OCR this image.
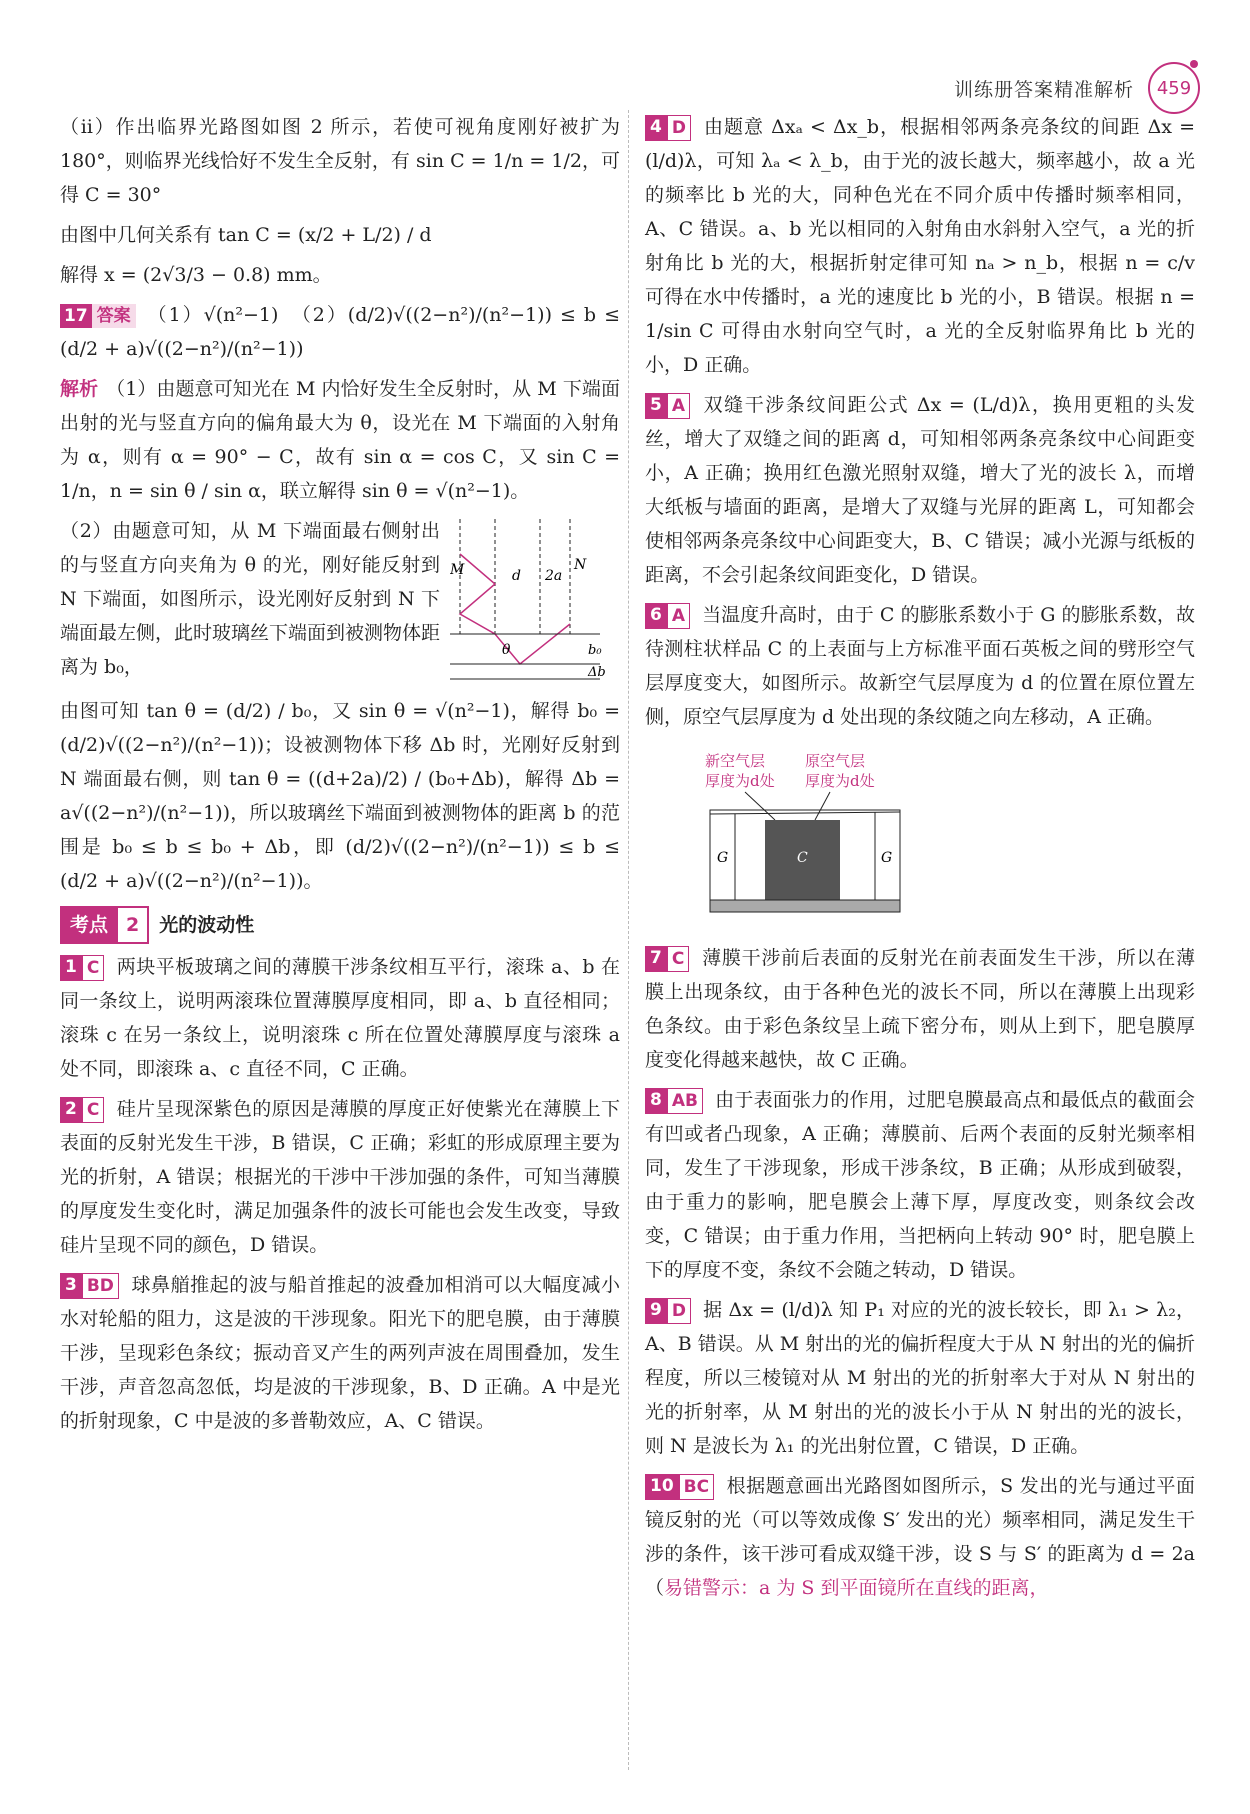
训练册答案精准解析	459

（ⅱ）作出临界光路图如图 2 所示，若使可视角度刚好被扩为 180°，则临界光线恰好不发生全反射，有 sin C = 1/n = 1/2，可得 C = 30°

由图中几何关系有 tan C = (x/2 + L/2) / d

解得 x = (2√3/3 − 0.8) mm。

17 答案 （1）√(n²−1)　（2）(d/2)√((2−n²)/(n²−1)) ≤ b ≤ (d/2 + a)√((2−n²)/(n²−1))

解析 （1）由题意可知光在 M 内恰好发生全反射时，从 M 下端面出射的光与竖直方向的偏角最大为 θ，设光在 M 下端面的入射角为 α，则有 α = 90° − C，故有 sin α = cos C，又 sin C = 1/n，n = sin θ / sin α，联立解得 sin θ = √(n²−1)。

M	N
d 2a
θ	b₀
Δb

（2）由题意可知，从 M 下端面最右侧射出的与竖直方向夹角为 θ 的光，刚好能反射到 N 下端面，如图所示，设光刚好反射到 N 下端面最左侧，此时玻璃丝下端面到被测物体距离为 b₀，

由图可知 tan θ = (d/2) / b₀，又 sin θ = √(n²−1)，解得 b₀ = (d/2)√((2−n²)/(n²−1))；设被测物体下移 Δb 时，光刚好反射到 N 端面最右侧，则 tan θ = ((d+2a)/2) / (b₀+Δb)，解得 Δb = a√((2−n²)/(n²−1))，所以玻璃丝下端面到被测物体的距离 b 的范围是 b₀ ≤ b ≤ b₀ + Δb，即 (d/2)√((2−n²)/(n²−1)) ≤ b ≤ (d/2 + a)√((2−n²)/(n²−1))。

考点 2	光的波动性

1 C 两块平板玻璃之间的薄膜干涉条纹相互平行，滚珠 a、b 在同一条纹上，说明两滚珠位置薄膜厚度相同，即 a、b 直径相同；滚珠 c 在另一条纹上，说明滚珠 c 所在位置处薄膜厚度与滚珠 a 处不同，即滚珠 a、c 直径不同，C 正确。

2 C 硅片呈现深紫色的原因是薄膜的厚度正好使紫光在薄膜上下表面的反射光发生干涉，B 错误，C 正确；彩虹的形成原理主要为光的折射，A 错误；根据光的干涉中干涉加强的条件，可知当薄膜的厚度发生变化时，满足加强条件的波长可能也会发生改变，导致硅片呈现不同的颜色，D 错误。

3 BD 球鼻艏推起的波与船首推起的波叠加相消可以大幅度减小水对轮船的阻力，这是波的干涉现象。阳光下的肥皂膜，由于薄膜干涉，呈现彩色条纹；振动音叉产生的两列声波在周围叠加，发生干涉，声音忽高忽低，均是波的干涉现象，B、D 正确。A 中是光的折射现象，C 中是波的多普勒效应，A、C 错误。

4 D 由题意 Δxₐ < Δx_b，根据相邻两条亮条纹的间距 Δx = (l/d)λ，可知 λₐ < λ_b，由于光的波长越大，频率越小，故 a 光的频率比 b 光的大，同种色光在不同介质中传播时频率相同，A、C 错误。a、b 光以相同的入射角由水斜射入空气，a 光的折射角比 b 光的大，根据折射定律可知 nₐ > n_b，根据 n = c/v 可得在水中传播时，a 光的速度比 b 光的小，B 错误。根据 n = 1/sin C 可得由水射向空气时，a 光的全反射临界角比 b 光的小，D 正确。

5 A 双缝干涉条纹间距公式 Δx = (L/d)λ，换用更粗的头发丝，增大了双缝之间的距离 d，可知相邻两条亮条纹中心间距变小，A 正确；换用红色激光照射双缝，增大了光的波长 λ，而增大纸板与墙面的距离，是增大了双缝与光屏的距离 L，可知都会使相邻两条亮条纹中心间距变大，B、C 错误；减小光源与纸板的距离，不会引起条纹间距变化，D 错误。

6 A 当温度升高时，由于 C 的膨胀系数小于 G 的膨胀系数，故待测柱状样品 C 的上表面与上方标准平面石英板之间的劈形空气层厚度变大，如图所示。故新空气层厚度为 d 的位置在原位置左侧，原空气层厚度为 d 处出现的条纹随之向左移动，A 正确。

新空气层
厚度为d处
原空气层
厚度为d处
G	C	G

7 C 薄膜干涉前后表面的反射光在前表面发生干涉，所以在薄膜上出现条纹，由于各种色光的波长不同，所以在薄膜上出现彩色条纹。由于彩色条纹呈上疏下密分布，则从上到下，肥皂膜厚度变化得越来越快，故 C 正确。

8 AB 由于表面张力的作用，过肥皂膜最高点和最低点的截面会有凹或者凸现象，A 正确；薄膜前、后两个表面的反射光频率相同，发生了干涉现象，形成干涉条纹，B 正确；从形成到破裂，由于重力的影响，肥皂膜会上薄下厚，厚度改变，则条纹会改变，C 错误；由于重力作用，当把柄向上转动 90° 时，肥皂膜上下的厚度不变，条纹不会随之转动，D 错误。

9 D 据 Δx = (l/d)λ 知 P₁ 对应的光的波长较长，即 λ₁ > λ₂，A、B 错误。从 M 射出的光的偏折程度大于从 N 射出的光的偏折程度，所以三棱镜对从 M 射出的光的折射率大于对从 N 射出的光的折射率，从 M 射出的光的波长小于从 N 射出的光的波长，则 N 是波长为 λ₁ 的光出射位置，C 错误，D 正确。

10 BC 根据题意画出光路图如图所示，S 发出的光与通过平面镜反射的光（可以等效成像 S′ 发出的光）频率相同，满足发生干涉的条件，该干涉可看成双缝干涉，设 S 与 S′ 的距离为 d = 2a（易错警示：a 为 S 到平面镜所在直线的距离，
